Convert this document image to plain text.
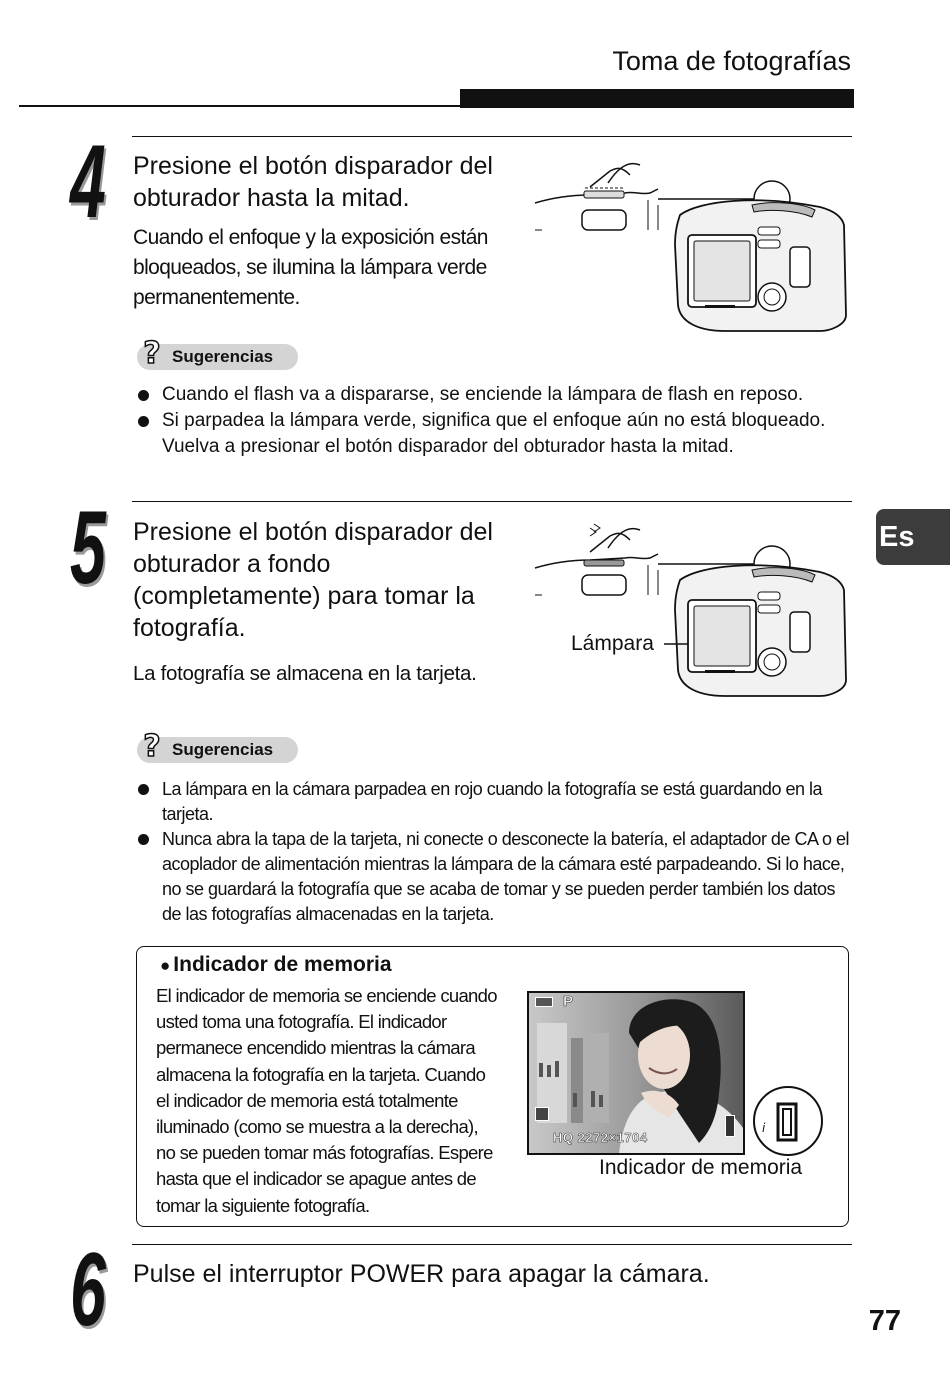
Toma de fotografías
Es
4 Presione el botón disparador del
obturador hasta la mitad.
Cuando el enfoque y la exposición están
bloqueados, se ilumina la lámpara verde
permanentemente.
? Sugerencias
Cuando el flash va a dispararse, se enciende la lámpara de flash en reposo.
Si parpadea la lámpara verde, significa que el enfoque aún no está bloqueado. Vuelva a presionar el botón disparador del obturador hasta la mitad.
5 Presione el botón disparador del
obturador a fondo
(completamente) para tomar la
fotografía.
La fotografía se almacena en la tarjeta.
Lámpara
? Sugerencias
La lámpara en la cámara parpadea en rojo cuando la fotografía se está guardando en la tarjeta.
Nunca abra la tapa de la tarjeta, ni conecte o desconecte la batería, el adaptador de CA o el acoplador de alimentación mientras la lámpara de la cámara esté parpadeando. Si lo hace, no se guardará la fotografía que se acaba de tomar y se pueden perder también los datos de las fotografías almacenadas en la tarjeta.
● Indicador de memoria
El indicador de memoria se enciende cuando
usted toma una fotografía. El indicador
permanece encendido mientras la cámara
almacena la fotografía en la tarjeta. Cuando
el indicador de memoria está totalmente
iluminado (como se muestra a la derecha),
no se pueden tomar más fotografías. Espere
hasta que el indicador se apague antes de
tomar la siguiente fotografía.
P
HQ 2272×1704
i
Indicador de memoria
6 Pulse el interruptor POWER para apagar la cámara.
77
